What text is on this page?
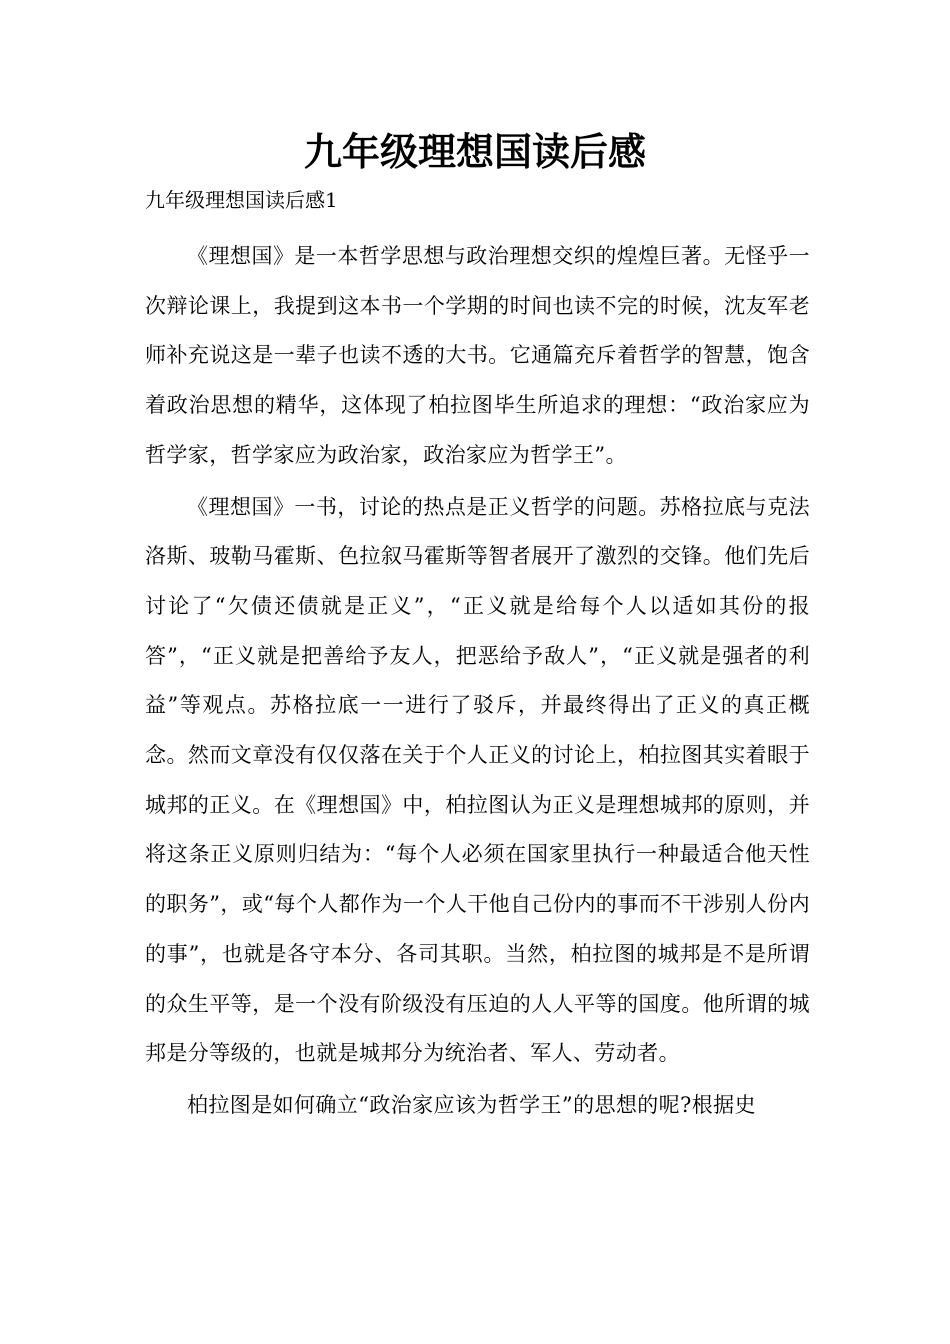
九年级理想国读后感
九年级理想国读后感1

《理想国》是一本哲学思想与政治理想交织的煌煌巨著。无怪乎一次辩论课上，我提到这本书一个学期的时间也读不完的时候，沈友军老师补充说这是一辈子也读不透的大书。它通篇充斥着哲学的智慧，饱含着政治思想的精华，这体现了柏拉图毕生所追求的理想：“政治家应为哲学家，哲学家应为政治家，政治家应为哲学王”。

《理想国》一书，讨论的热点是正义哲学的问题。苏格拉底与克法洛斯、玻勒马霍斯、色拉叙马霍斯等智者展开了激烈的交锋。他们先后讨论了“欠债还债就是正义”，“正义就是给每个人以适如其份的报答”，“正义就是把善给予友人，把恶给予敌人”，“正义就是强者的利益”等观点。苏格拉底一一进行了驳斥，并最终得出了正义的真正概念。然而文章没有仅仅落在关于个人正义的讨论上，柏拉图其实着眼于城邦的正义。在《理想国》中，柏拉图认为正义是理想城邦的原则，并将这条正义原则归结为：“每个人必须在国家里执行一种最适合他天性的职务”，或“每个人都作为一个人干他自己份内的事而不干涉别人份内的事”，也就是各守本分、各司其职。当然，柏拉图的城邦是不是所谓的众生平等，是一个没有阶级没有压迫的人人平等的国度。他所谓的城邦是分等级的，也就是城邦分为统治者、军人、劳动者。

柏拉图是如何确立“政治家应该为哲学王”的思想的呢?根据史
